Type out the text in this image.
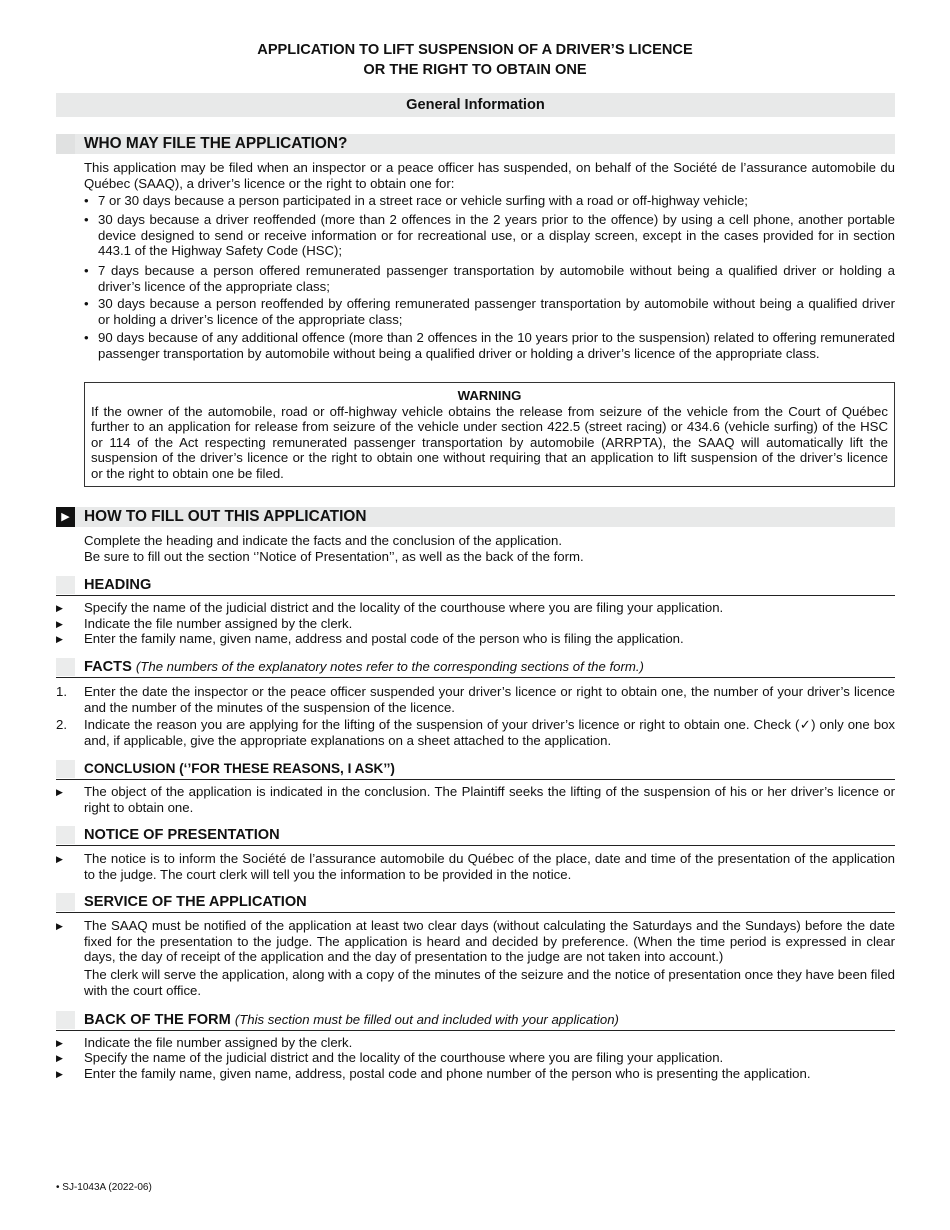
APPLICATION TO LIFT SUSPENSION OF A DRIVER’S LICENCE
OR THE RIGHT TO OBTAIN ONE
General Information
WHO MAY FILE THE APPLICATION?
This application may be filed when an inspector or a peace officer has suspended, on behalf of the Société de l’assurance automobile du Québec (SAAQ), a driver’s licence or the right to obtain one for:
• 7 or 30 days because a person participated in a street race or vehicle surfing with a road or off-highway vehicle;
• 30 days because a driver reoffended (more than 2 offences in the 2 years prior to the offence) by using a cell phone, another portable device designed to send or receive information or for recreational use, or a display screen, except in the cases provided for in section 443.1 of the Highway Safety Code (HSC);
• 7 days because a person offered remunerated passenger transportation by automobile without being a qualified driver or holding a driver’s licence of the appropriate class;
• 30 days because a person reoffended by offering remunerated passenger transportation by automobile without being a qualified driver or holding a driver’s licence of the appropriate class;
• 90 days because of any additional offence (more than 2 offences in the 10 years prior to the suspension) related to offering remunerated passenger transportation by automobile without being a qualified driver or holding a driver’s licence of the appropriate class.
WARNING
If the owner of the automobile, road or off-highway vehicle obtains the release from seizure of the vehicle from the Court of Québec further to an application for release from seizure of the vehicle under section 422.5 (street racing) or 434.6 (vehicle surfing) of the HSC or 114 of the Act respecting remunerated passenger transportation by automobile (ARRPTA), the SAAQ will automatically lift the suspension of the driver’s licence or the right to obtain one without requiring that an application to lift suspension of the driver’s licence or the right to obtain one be filed.
▶ HOW TO FILL OUT THIS APPLICATION
Complete the heading and indicate the facts and the conclusion of the application.
Be sure to fill out the section ‘’Notice of Presentation’’, as well as the back of the form.
HEADING
▶	Specify the name of the judicial district and the locality of the courthouse where you are filing your application.
▶	Indicate the file number assigned by the clerk.
▶	Enter the family name, given name, address and postal code of the person who is filing the application.
FACTS (The numbers of the explanatory notes refer to the corresponding sections of the form.)
1.	Enter the date the inspector or the peace officer suspended your driver’s licence or right to obtain one, the number of your driver’s licence and the number of the minutes of the suspension of the licence.
2.	Indicate the reason you are applying for the lifting of the suspension of your driver’s licence or right to obtain one. Check (✓) only one box and, if applicable, give the appropriate explanations on a sheet attached to the application.
CONCLUSION (‘’FOR THESE REASONS, I ASK’’)
▶	The object of the application is indicated in the conclusion. The Plaintiff seeks the lifting of the suspension of his or her driver’s licence or right to obtain one.
NOTICE OF PRESENTATION
▶	The notice is to inform the Société de l’assurance automobile du Québec of the place, date and time of the presentation of the application to the judge. The court clerk will tell you the information to be provided in the notice.
SERVICE OF THE APPLICATION
▶	The SAAQ must be notified of the application at least two clear days (without calculating the Saturdays and the Sundays) before the date fixed for the presentation to the judge. The application is heard and decided by preference. (When the time period is expressed in clear days, the day of receipt of the application and the day of presentation to the judge are not taken into account.)
The clerk will serve the application, along with a copy of the minutes of the seizure and the notice of presentation once they have been filed with the court office.
BACK OF THE FORM (This section must be filled out and included with your application)
▶	Indicate the file number assigned by the clerk.
▶	Specify the name of the judicial district and the locality of the courthouse where you are filing your application.
▶	Enter the family name, given name, address, postal code and phone number of the person who is presenting the application.
• SJ-1043A (2022-06)
